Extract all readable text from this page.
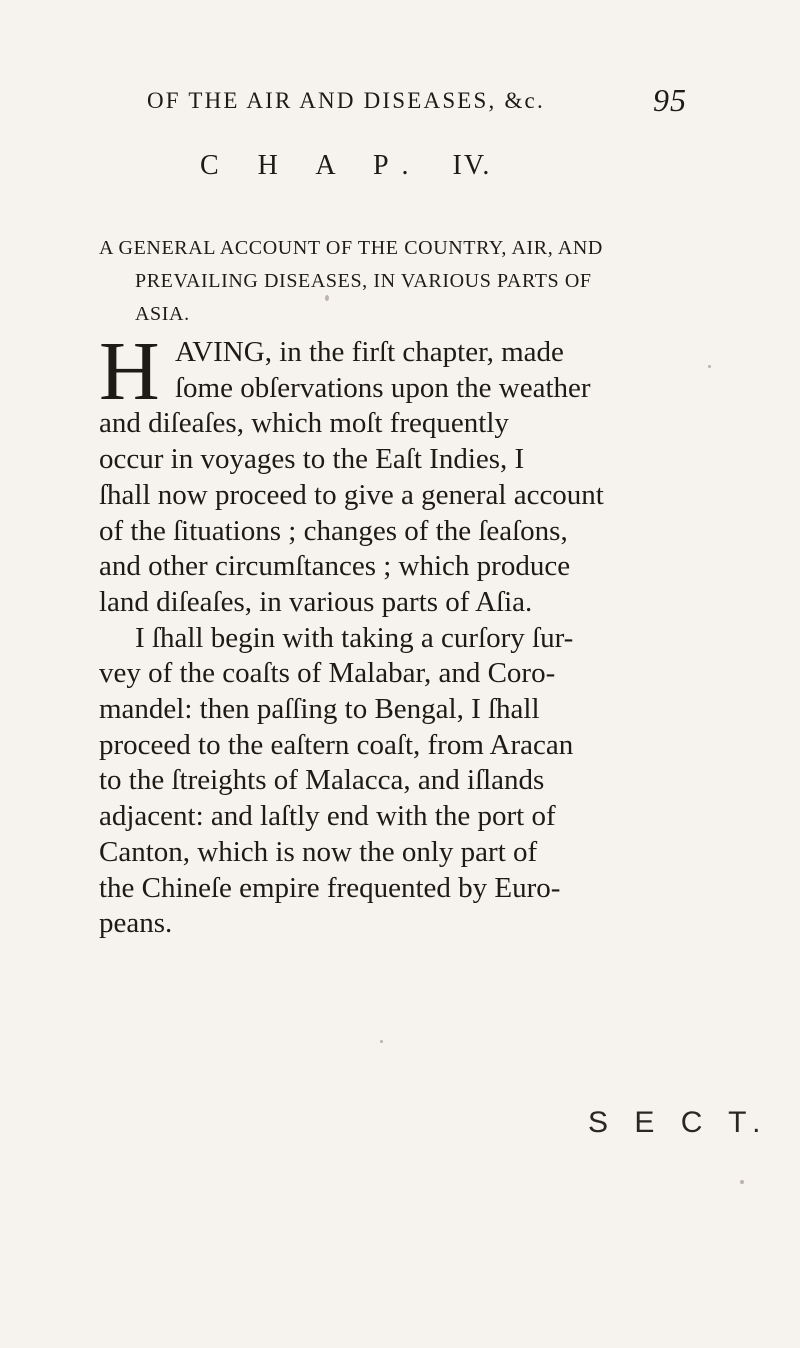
OF THE AIR AND DISEASES, &c.	95
C H A P. IV.
A GENERAL ACCOUNT OF THE COUNTRY, AIR, AND
PREVAILING DISEASES, IN VARIOUS PARTS OF
ASIA.
H AVING, in the firſt chapter, made
ſome obſervations upon the weather
and diſeaſes, which moſt frequently
occur in voyages to the Eaſt Indies, I
ſhall now proceed to give a general account
of the ſituations ; changes of the ſeaſons,
and other circumſtances ; which produce
land diſeaſes, in various parts of Aſia.
I ſhall begin with taking a curſory ſur-
vey of the coaſts of Malabar, and Coro-
mandel: then paſſing to Bengal, I ſhall
proceed to the eaſtern coaſt, from Aracan
to the ſtreights of Malacca, and iſlands
adjacent: and laſtly end with the port of
Canton, which is now the only part of
the Chineſe empire frequented by Euro-
peans.
S E C T.
